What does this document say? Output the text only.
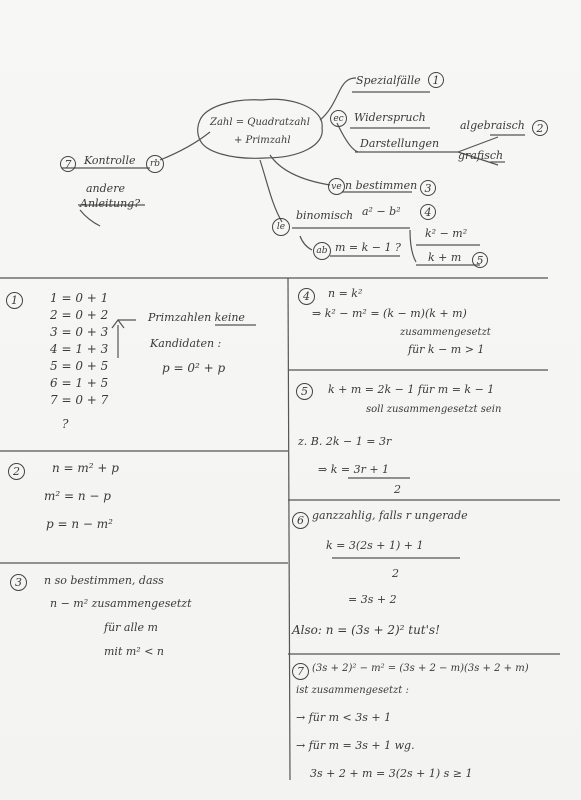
Zahl = Quadratzahl
+ Primzahl
ec
rb
ve
le
ab
Spezialfälle	1
Widerspruch
Darstellungen
algebraisch	2
grafisch
n bestimmen 3
binomisch a² − b²	4
m = k − 1 ?
k² − m²
k + m	5
7	Kontrolle
andere
Anleitung?
1	1 = 0 + 1
2 = 0 + 2
3 = 0 + 3
4 = 1 + 3
5 = 0 + 5
6 = 1 + 5
7 = 0 + 7
?
Primzahlen keine
Kandidaten :
p = 0² + p
2	n = m² + p
m² = n − p
p = n − m²
3	n so bestimmen, dass
n − m² zusammengesetzt
für alle m
mit m² < n
4	n = k²
⇒ k² − m² = (k − m)(k + m)
zusammengesetzt
für k − m > 1
5	k + m = 2k − 1 für m = k − 1
soll zusammengesetzt sein
z. B. 2k − 1 = 3r
⇒ k = 3r + 1
2
6 ganzzahlig, falls r ungerade
k = 3(2s + 1) + 1
2
= 3s + 2
Also: n = (3s + 2)² tut's!
7 (3s + 2)² − m² = (3s + 2 − m)(3s + 2 + m)
ist zusammengesetzt :
→ für m < 3s + 1
→ für m = 3s + 1 wg.
3s + 2 + m = 3(2s + 1) s ≥ 1
